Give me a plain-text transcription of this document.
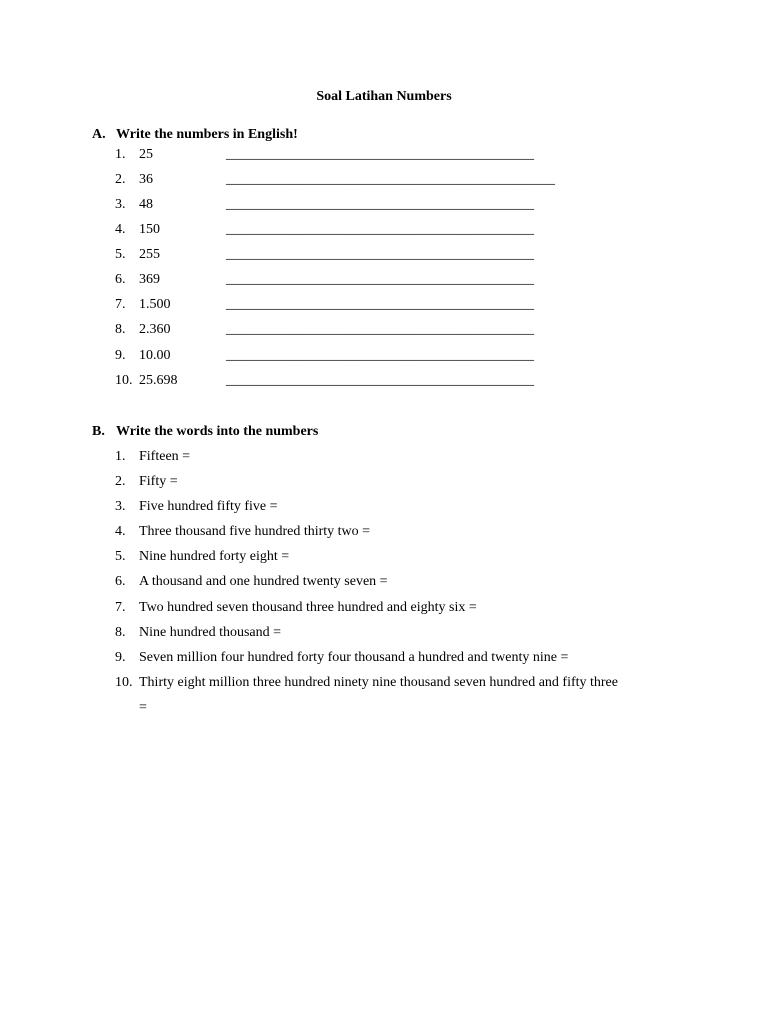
Soal Latihan Numbers
A. Write the numbers in English!
1. 25	____________________________________________
2. 36	_______________________________________________
3. 48	____________________________________________
4. 150	____________________________________________
5. 255	____________________________________________
6. 369	____________________________________________
7. 1.500	____________________________________________
8. 2.360	____________________________________________
9. 10.00	____________________________________________
10. 25.698	____________________________________________
B. Write the words into the numbers
1. Fifteen =
2. Fifty =
3. Five hundred fifty five =
4. Three thousand five hundred thirty two =
5. Nine hundred forty eight =
6. A thousand and one hundred twenty seven =
7. Two hundred seven thousand three hundred and eighty six =
8. Nine hundred thousand =
9. Seven million four hundred forty four thousand a hundred and twenty nine =
10. Thirty eight million three hundred ninety nine thousand seven hundred and fifty three
=
